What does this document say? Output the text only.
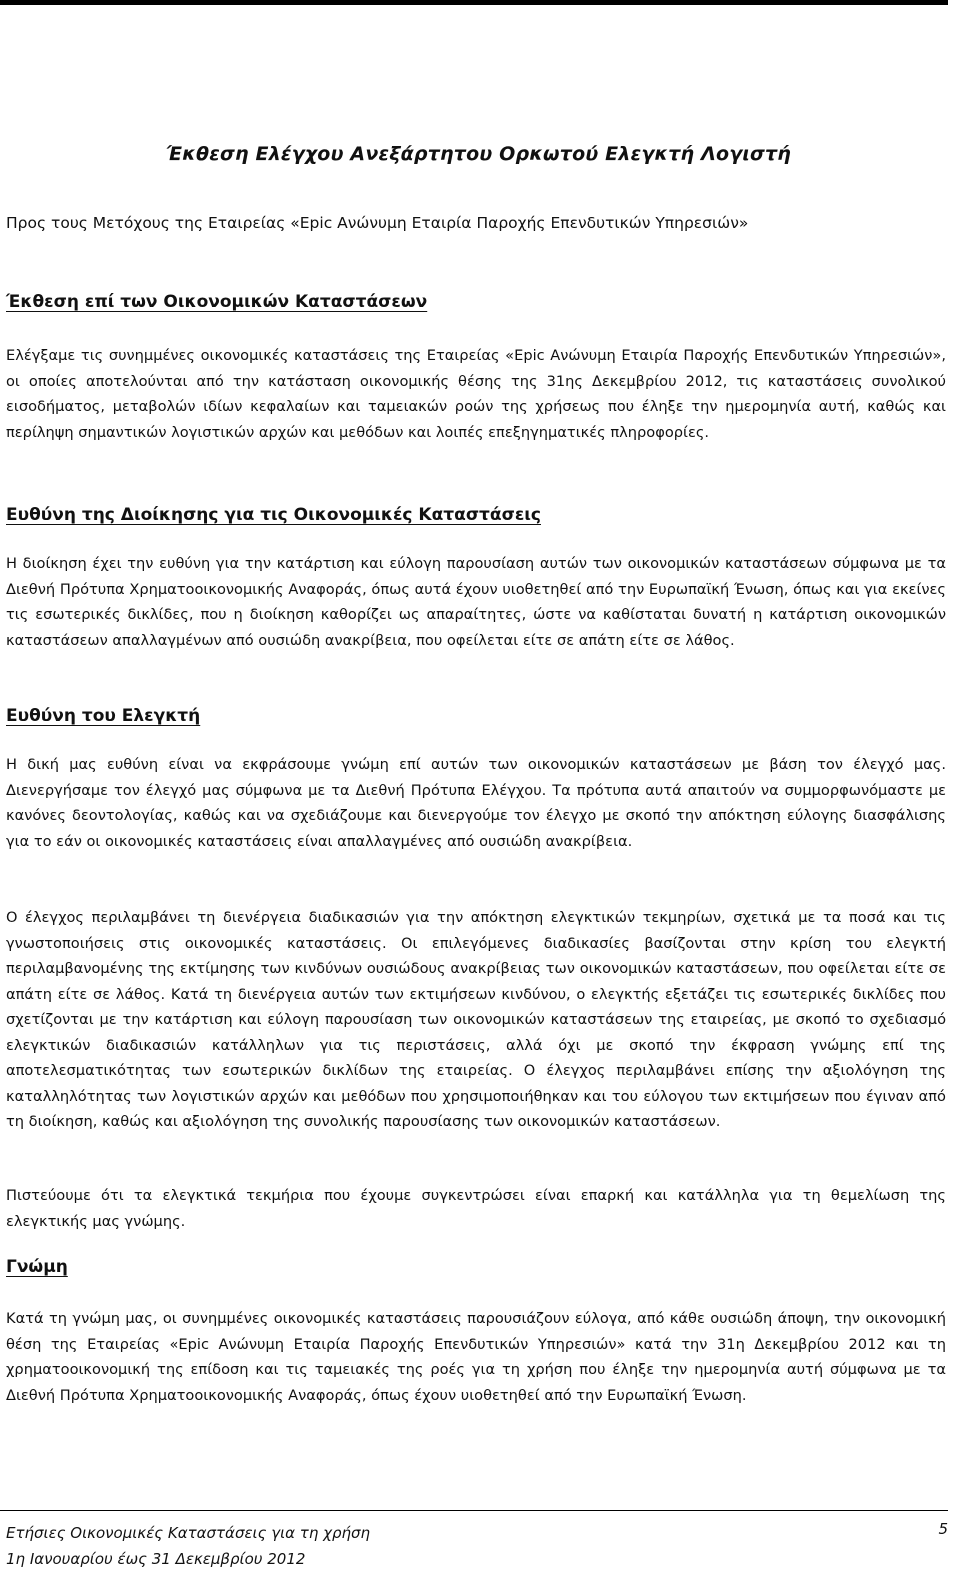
Έκθεση Ελέγχου Ανεξάρτητου Ορκωτού Ελεγκτή Λογιστή
Προς τους Μετόχους της Εταιρείας «Epic Ανώνυμη Εταιρία Παροχής Επενδυτικών Υπηρεσιών»
Έκθεση επί των Οικονομικών Καταστάσεων

Ελέγξαμε τις συνημμένες οικονομικές καταστάσεις της Εταιρείας «Epic Ανώνυμη Εταιρία Παροχής Επενδυτικών Υπηρεσιών», οι οποίες αποτελούνται από την κατάσταση οικονομικής θέσης της 31ης Δεκεμβρίου 2012, τις καταστάσεις συνολικού εισοδήματος, μεταβολών ιδίων κεφαλαίων και ταμειακών ροών της χρήσεως που έληξε την ημερομηνία αυτή, καθώς και περίληψη σημαντικών λογιστικών αρχών και μεθόδων και λοιπές επεξηγηματικές πληροφορίες.

Ευθύνη της Διοίκησης για τις Οικονομικές Καταστάσεις

Η διοίκηση έχει την ευθύνη για την κατάρτιση και εύλογη παρουσίαση αυτών των οικονομικών καταστάσεων σύμφωνα με τα Διεθνή Πρότυπα Χρηματοοικονομικής Αναφοράς, όπως αυτά έχουν υιοθετηθεί από την Ευρωπαϊκή Ένωση, όπως και για εκείνες τις εσωτερικές δικλίδες, που η διοίκηση καθορίζει ως απαραίτητες, ώστε να καθίσταται δυνατή η κατάρτιση οικονομικών καταστάσεων απαλλαγμένων από ουσιώδη ανακρίβεια, που οφείλεται είτε σε απάτη είτε σε λάθος.

Ευθύνη του Ελεγκτή

Η δική μας ευθύνη είναι να εκφράσουμε γνώμη επί αυτών των οικονομικών καταστάσεων με βάση τον έλεγχό μας. Διενεργήσαμε τον έλεγχό μας σύμφωνα με τα Διεθνή Πρότυπα Ελέγχου. Τα πρότυπα αυτά απαιτούν να συμμορφωνόμαστε με κανόνες δεοντολογίας, καθώς και να σχεδιάζουμε και διενεργούμε τον έλεγχο με σκοπό την απόκτηση εύλογης διασφάλισης για το εάν οι οικονομικές καταστάσεις είναι απαλλαγμένες από ουσιώδη ανακρίβεια.

Ο έλεγχος περιλαμβάνει τη διενέργεια διαδικασιών για την απόκτηση ελεγκτικών τεκμηρίων, σχετικά με τα ποσά και τις γνωστοποιήσεις στις οικονομικές καταστάσεις. Οι επιλεγόμενες διαδικασίες βασίζονται στην κρίση του ελεγκτή περιλαμβανομένης της εκτίμησης των κινδύνων ουσιώδους ανακρίβειας των οικονομικών καταστάσεων, που οφείλεται είτε σε απάτη είτε σε λάθος. Κατά τη διενέργεια αυτών των εκτιμήσεων κινδύνου, ο ελεγκτής εξετάζει τις εσωτερικές δικλίδες που σχετίζονται με την κατάρτιση και εύλογη παρουσίαση των οικονομικών καταστάσεων της εταιρείας, με σκοπό το σχεδιασμό ελεγκτικών διαδικασιών κατάλληλων για τις περιστάσεις, αλλά όχι με σκοπό την έκφραση γνώμης επί της αποτελεσματικότητας των εσωτερικών δικλίδων της εταιρείας. Ο έλεγχος περιλαμβάνει επίσης την αξιολόγηση της καταλληλότητας των λογιστικών αρχών και μεθόδων που χρησιμοποιήθηκαν και του εύλογου των εκτιμήσεων που έγιναν από τη διοίκηση, καθώς και αξιολόγηση της συνολικής παρουσίασης των οικονομικών καταστάσεων.

Πιστεύουμε ότι τα ελεγκτικά τεκμήρια που έχουμε συγκεντρώσει είναι επαρκή και κατάλληλα για τη θεμελίωση της ελεγκτικής μας γνώμης.

Γνώμη

Κατά τη γνώμη μας, οι συνημμένες οικονομικές καταστάσεις παρουσιάζουν εύλογα, από κάθε ουσιώδη άποψη, την οικονομική θέση της Εταιρείας «Epic Ανώνυμη Εταιρία Παροχής Επενδυτικών Υπηρεσιών» κατά την 31η Δεκεμβρίου 2012 και τη χρηματοοικονομική της επίδοση και τις ταμειακές της ροές για τη χρήση που έληξε την ημερομηνία αυτή σύμφωνα με τα Διεθνή Πρότυπα Χρηματοοικονομικής Αναφοράς, όπως έχουν υιοθετηθεί από την Ευρωπαϊκή Ένωση.

Ετήσιες Οικονομικές Καταστάσεις για τη χρήση
1η Ιανουαρίου έως 31 Δεκεμβρίου 2012
5
